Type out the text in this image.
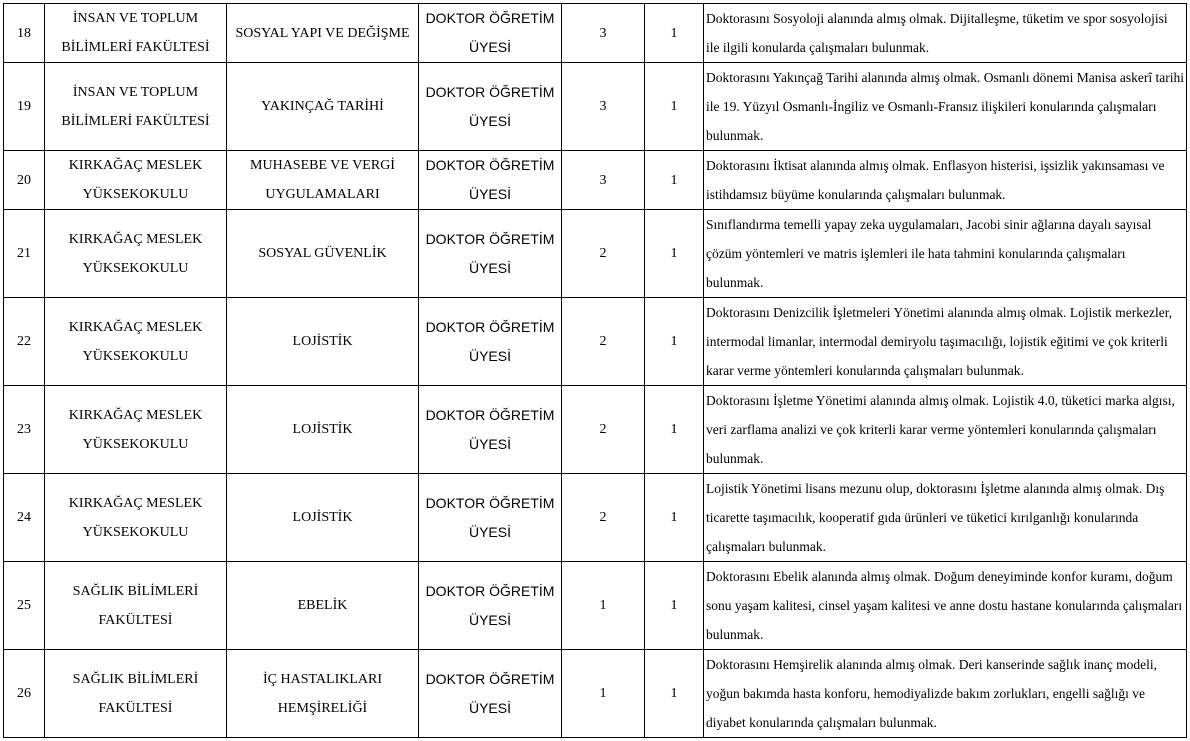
18	İNSAN VE TOPLUM BİLİMLERİ FAKÜLTESİ	SOSYAL YAPI VE DEĞİŞME	DOKTOR ÖĞRETİM ÜYESİ	3	1	Doktorasını Sosyoloji alanında almış olmak. Dijitalleşme, tüketim ve spor sosyolojisi ile ilgili konularda çalışmaları bulunmak.
19	İNSAN VE TOPLUM BİLİMLERİ FAKÜLTESİ	YAKINÇAĞ TARİHİ	DOKTOR ÖĞRETİM ÜYESİ	3	1	Doktorasını Yakınçağ Tarihi alanında almış olmak. Osmanlı dönemi Manisa askerî tarihi ile 19. Yüzyıl Osmanlı-İngiliz ve Osmanlı-Fransız ilişkileri konularında çalışmaları bulunmak.
20	KIRKAĞAÇ MESLEK YÜKSEKOKULU	MUHASEBE VE VERGİ UYGULAMALARI	DOKTOR ÖĞRETİM ÜYESİ	3	1	Doktorasını İktisat alanında almış olmak. Enflasyon histerisi, işsizlik yakınsaması ve istihdamsız büyüme konularında çalışmaları bulunmak.
21	KIRKAĞAÇ MESLEK YÜKSEKOKULU	SOSYAL GÜVENLİK	DOKTOR ÖĞRETİM ÜYESİ	2	1	Sınıflandırma temelli yapay zeka uygulamaları, Jacobi sinir ağlarına dayalı sayısal çözüm yöntemleri ve matris işlemleri ile hata tahmini konularında çalışmaları bulunmak.
22	KIRKAĞAÇ MESLEK YÜKSEKOKULU	LOJİSTİK	DOKTOR ÖĞRETİM ÜYESİ	2	1	Doktorasını Denizcilik İşletmeleri Yönetimi alanında almış olmak. Lojistik merkezler, intermodal limanlar, intermodal demiryolu taşımacılığı, lojistik eğitimi ve çok kriterli karar verme yöntemleri konularında çalışmaları bulunmak.
23	KIRKAĞAÇ MESLEK YÜKSEKOKULU	LOJİSTİK	DOKTOR ÖĞRETİM ÜYESİ	2	1	Doktorasını İşletme Yönetimi alanında almış olmak. Lojistik 4.0, tüketici marka algısı, veri zarflama analizi ve çok kriterli karar verme yöntemleri konularında çalışmaları bulunmak.
24	KIRKAĞAÇ MESLEK YÜKSEKOKULU	LOJİSTİK	DOKTOR ÖĞRETİM ÜYESİ	2	1	Lojistik Yönetimi lisans mezunu olup, doktorasını İşletme alanında almış olmak. Dış ticarette taşımacılık, kooperatif gıda ürünleri ve tüketici kırılganlığı konularında çalışmaları bulunmak.
25	SAĞLIK BİLİMLERİ FAKÜLTESİ	EBELİK	DOKTOR ÖĞRETİM ÜYESİ	1	1	Doktorasını Ebelik alanında almış olmak. Doğum deneyiminde konfor kuramı, doğum sonu yaşam kalitesi, cinsel yaşam kalitesi ve anne dostu hastane konularında çalışmaları bulunmak.
26	SAĞLIK BİLİMLERİ FAKÜLTESİ	İÇ HASTALIKLARI HEMŞİRELİĞİ	DOKTOR ÖĞRETİM ÜYESİ	1	1	Doktorasını Hemşirelik alanında almış olmak. Deri kanserinde sağlık inanç modeli, yoğun bakımda hasta konforu, hemodiyalizde bakım zorlukları, engelli sağlığı ve diyabet konularında çalışmaları bulunmak.
